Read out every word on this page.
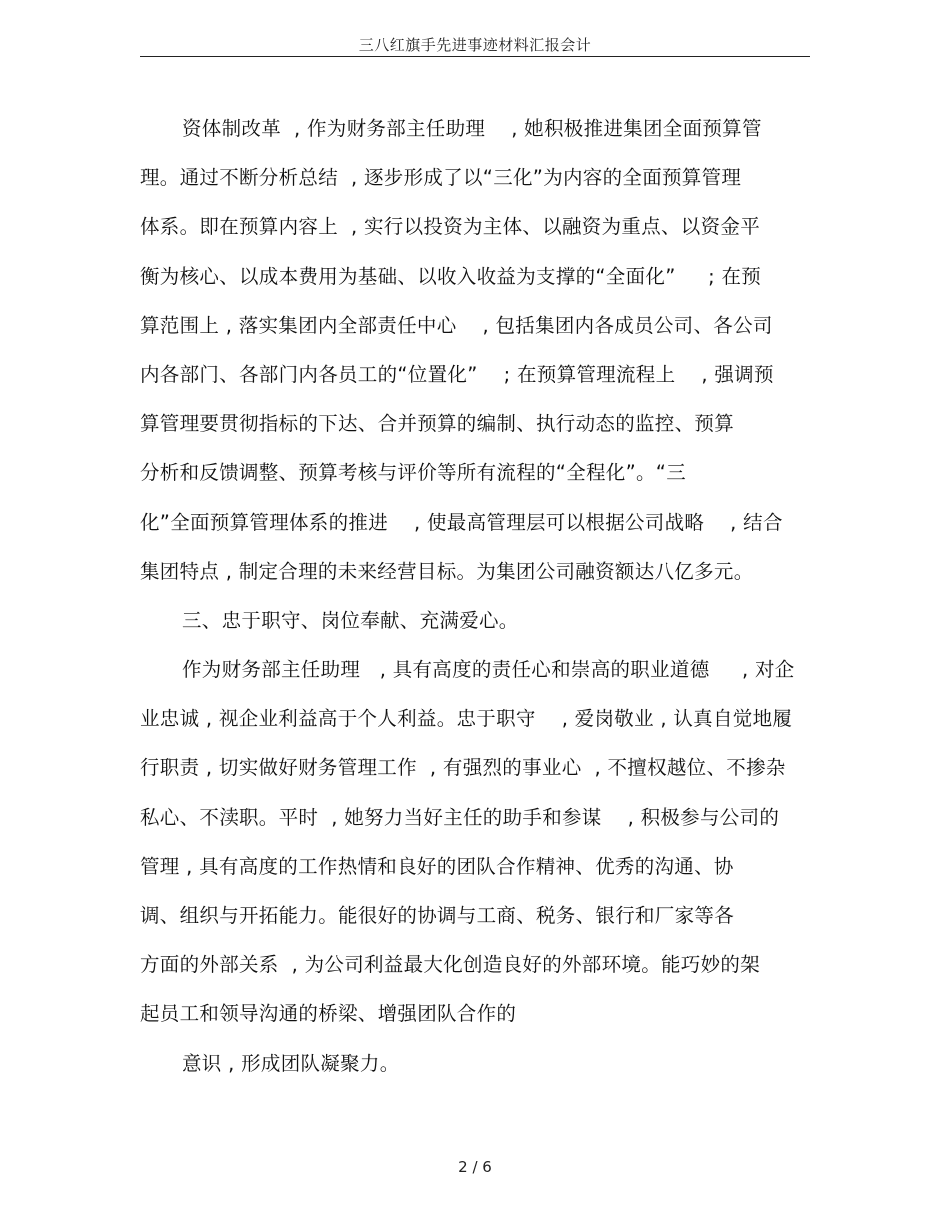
三八红旗手先进事迹材料汇报会计
资体制改革  , 作为财务部主任助理    , 她积极推进集团全面预算管
理。通过不断分析总结  , 逐步形成了以“三化”为内容的全面预算管理
体系。即在预算内容上  , 实行以投资为主体、以融资为重点、以资金平
衡为核心、以成本费用为基础、以收入收益为支撑的“全面化”     ; 在预
算范围上 , 落实集团内全部责任中心    , 包括集团内各成员公司、各公司
内各部门、各部门内各员工的“位置化”    ; 在预算管理流程上    , 强调预
算管理要贯彻指标的下达、合并预算的编制、执行动态的监控、预算
分析和反馈调整、预算考核与评价等所有流程的“全程化”。“三
化”全面预算管理体系的推进    , 使最高管理层可以根据公司战略    , 结合
集团特点 , 制定合理的未来经营目标。为集团公司融资额达八亿多元。
三、忠于职守、岗位奉献、充满爱心。
作为财务部主任助理   , 具有高度的责任心和崇高的职业道德     , 对企
业忠诚 , 视企业利益高于个人利益。忠于职守    , 爱岗敬业 , 认真自觉地履
行职责 , 切实做好财务管理工作  , 有强烈的事业心  , 不擅权越位、不掺杂
私心、不渎职。平时  , 她努力当好主任的助手和参谋    , 积极参与公司的
管理 , 具有高度的工作热情和良好的团队合作精神、优秀的沟通、协
调、组织与开拓能力。能很好的协调与工商、税务、银行和厂家等各
方面的外部关系  , 为公司利益最大化创造良好的外部环境。能巧妙的架
起员工和领导沟通的桥梁、增强团队合作的
意识 , 形成团队凝聚力。
2 / 6
